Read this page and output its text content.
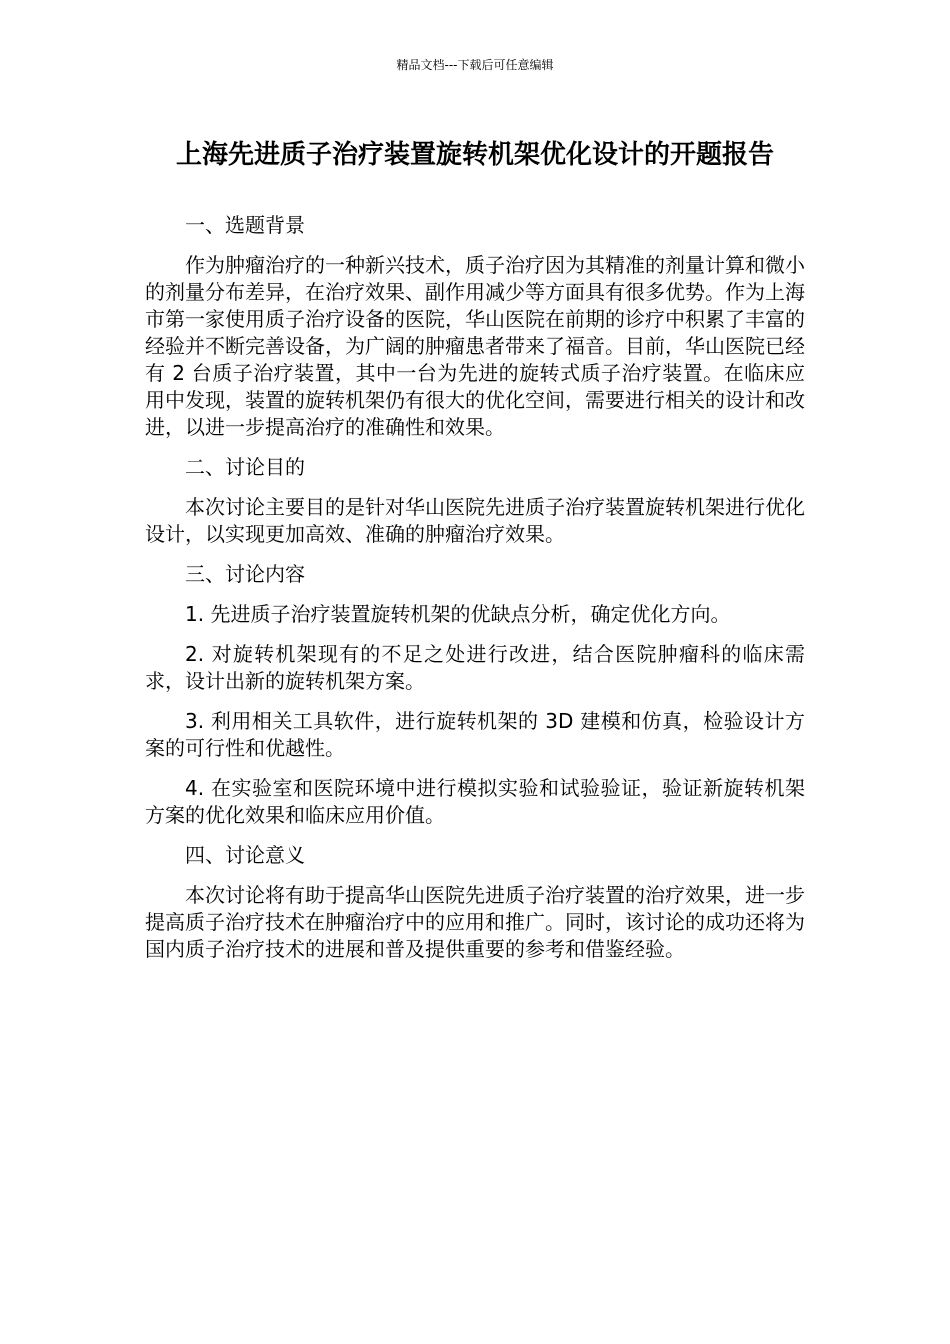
精品文档---下载后可任意编辑
上海先进质子治疗装置旋转机架优化设计的开题报告

一、选题背景

作为肿瘤治疗的一种新兴技术，质子治疗因为其精准的剂量计算和微小的剂量分布差异，在治疗效果、副作用减少等方面具有很多优势。作为上海市第一家使用质子治疗设备的医院，华山医院在前期的诊疗中积累了丰富的经验并不断完善设备，为广阔的肿瘤患者带来了福音。目前，华山医院已经有 2 台质子治疗装置，其中一台为先进的旋转式质子治疗装置。在临床应用中发现，装置的旋转机架仍有很大的优化空间，需要进行相关的设计和改进，以进一步提高治疗的准确性和效果。

二、讨论目的

本次讨论主要目的是针对华山医院先进质子治疗装置旋转机架进行优化设计，以实现更加高效、准确的肿瘤治疗效果。

三、讨论内容

1. 先进质子治疗装置旋转机架的优缺点分析，确定优化方向。

2. 对旋转机架现有的不足之处进行改进，结合医院肿瘤科的临床需求，设计出新的旋转机架方案。

3. 利用相关工具软件，进行旋转机架的 3D 建模和仿真，检验设计方案的可行性和优越性。

4. 在实验室和医院环境中进行模拟实验和试验验证，验证新旋转机架方案的优化效果和临床应用价值。

四、讨论意义

本次讨论将有助于提高华山医院先进质子治疗装置的治疗效果，进一步提高质子治疗技术在肿瘤治疗中的应用和推广。同时，该讨论的成功还将为国内质子治疗技术的进展和普及提供重要的参考和借鉴经验。
